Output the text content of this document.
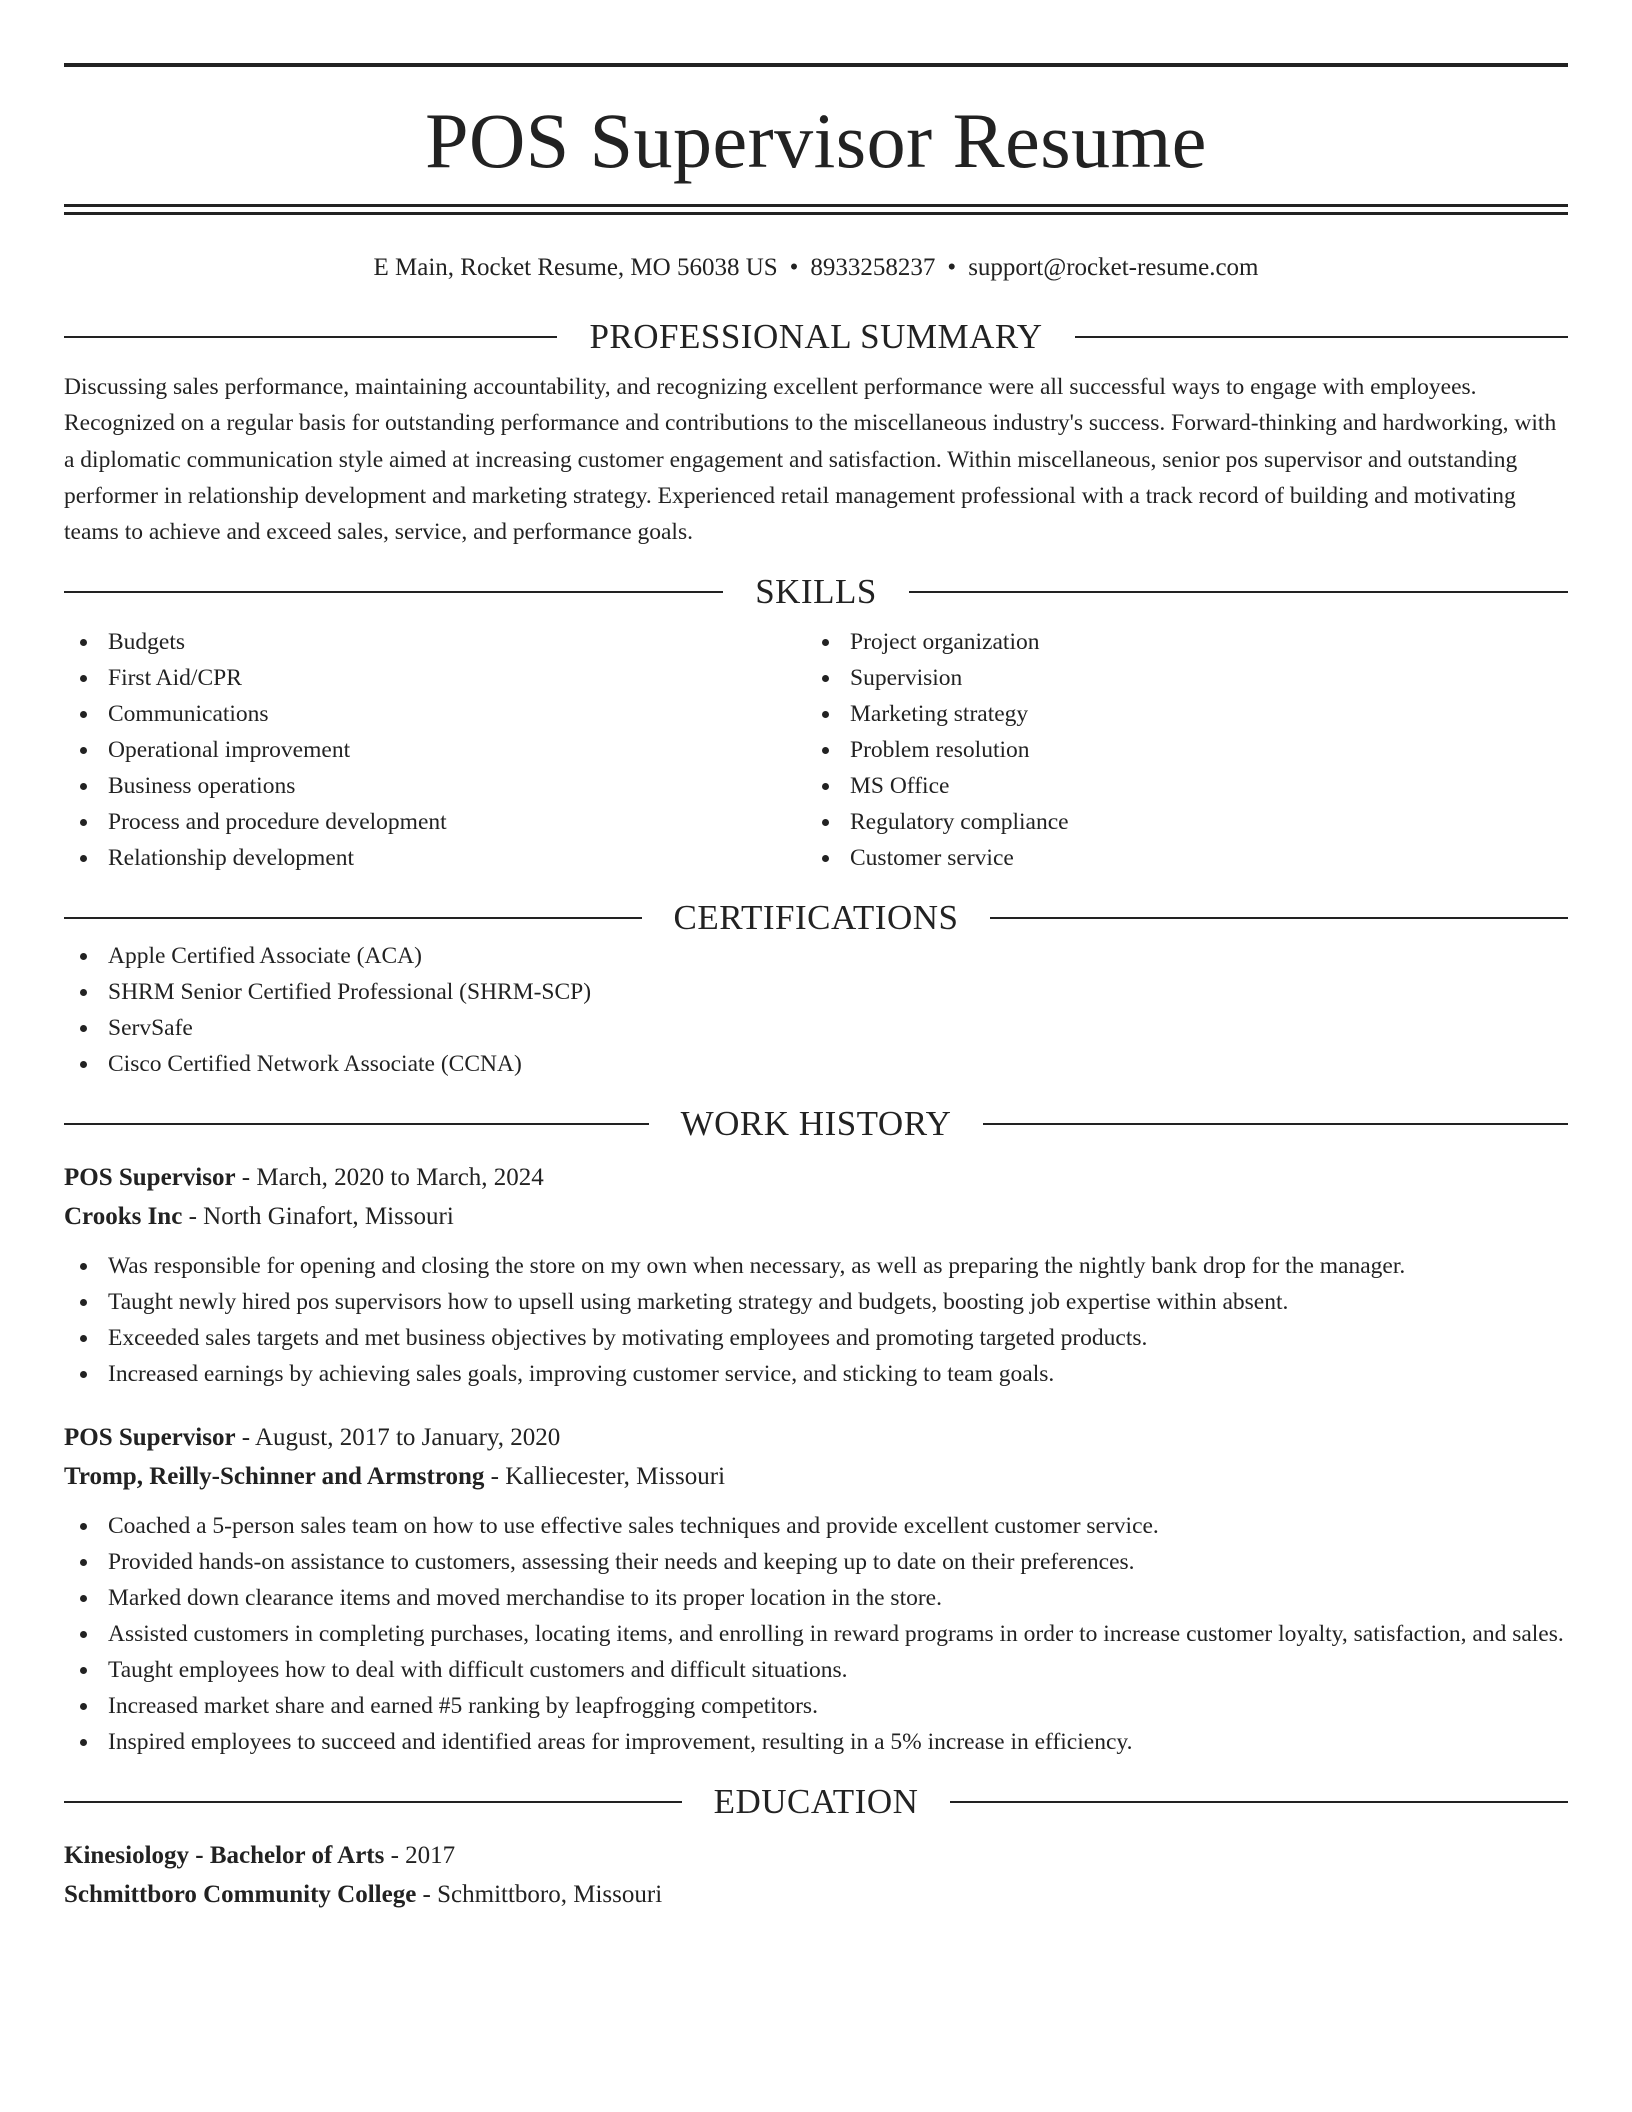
POS Supervisor Resume
E Main, Rocket Resume, MO 56038 US • 8933258237 • support@rocket-resume.com
PROFESSIONAL SUMMARY
Discussing sales performance, maintaining accountability, and recognizing excellent performance were all successful ways to engage with employees. Recognized on a regular basis for outstanding performance and contributions to the miscellaneous industry's success. Forward-thinking and hardworking, with a diplomatic communication style aimed at increasing customer engagement and satisfaction. Within miscellaneous, senior pos supervisor and outstanding performer in relationship development and marketing strategy. Experienced retail management professional with a track record of building and motivating teams to achieve and exceed sales, service, and performance goals.
SKILLS
Budgets
First Aid/CPR
Communications
Operational improvement
Business operations
Process and procedure development
Relationship development
Project organization
Supervision
Marketing strategy
Problem resolution
MS Office
Regulatory compliance
Customer service
CERTIFICATIONS
Apple Certified Associate (ACA)
SHRM Senior Certified Professional (SHRM-SCP)
ServSafe
Cisco Certified Network Associate (CCNA)
WORK HISTORY
POS Supervisor - March, 2020 to March, 2024
Crooks Inc - North Ginafort, Missouri
Was responsible for opening and closing the store on my own when necessary, as well as preparing the nightly bank drop for the manager.
Taught newly hired pos supervisors how to upsell using marketing strategy and budgets, boosting job expertise within absent.
Exceeded sales targets and met business objectives by motivating employees and promoting targeted products.
Increased earnings by achieving sales goals, improving customer service, and sticking to team goals.
POS Supervisor - August, 2017 to January, 2020
Tromp, Reilly-Schinner and Armstrong - Kalliecester, Missouri
Coached a 5-person sales team on how to use effective sales techniques and provide excellent customer service.
Provided hands-on assistance to customers, assessing their needs and keeping up to date on their preferences.
Marked down clearance items and moved merchandise to its proper location in the store.
Assisted customers in completing purchases, locating items, and enrolling in reward programs in order to increase customer loyalty, satisfaction, and sales.
Taught employees how to deal with difficult customers and difficult situations.
Increased market share and earned #5 ranking by leapfrogging competitors.
Inspired employees to succeed and identified areas for improvement, resulting in a 5% increase in efficiency.
EDUCATION
Kinesiology - Bachelor of Arts - 2017
Schmittboro Community College - Schmittboro, Missouri
